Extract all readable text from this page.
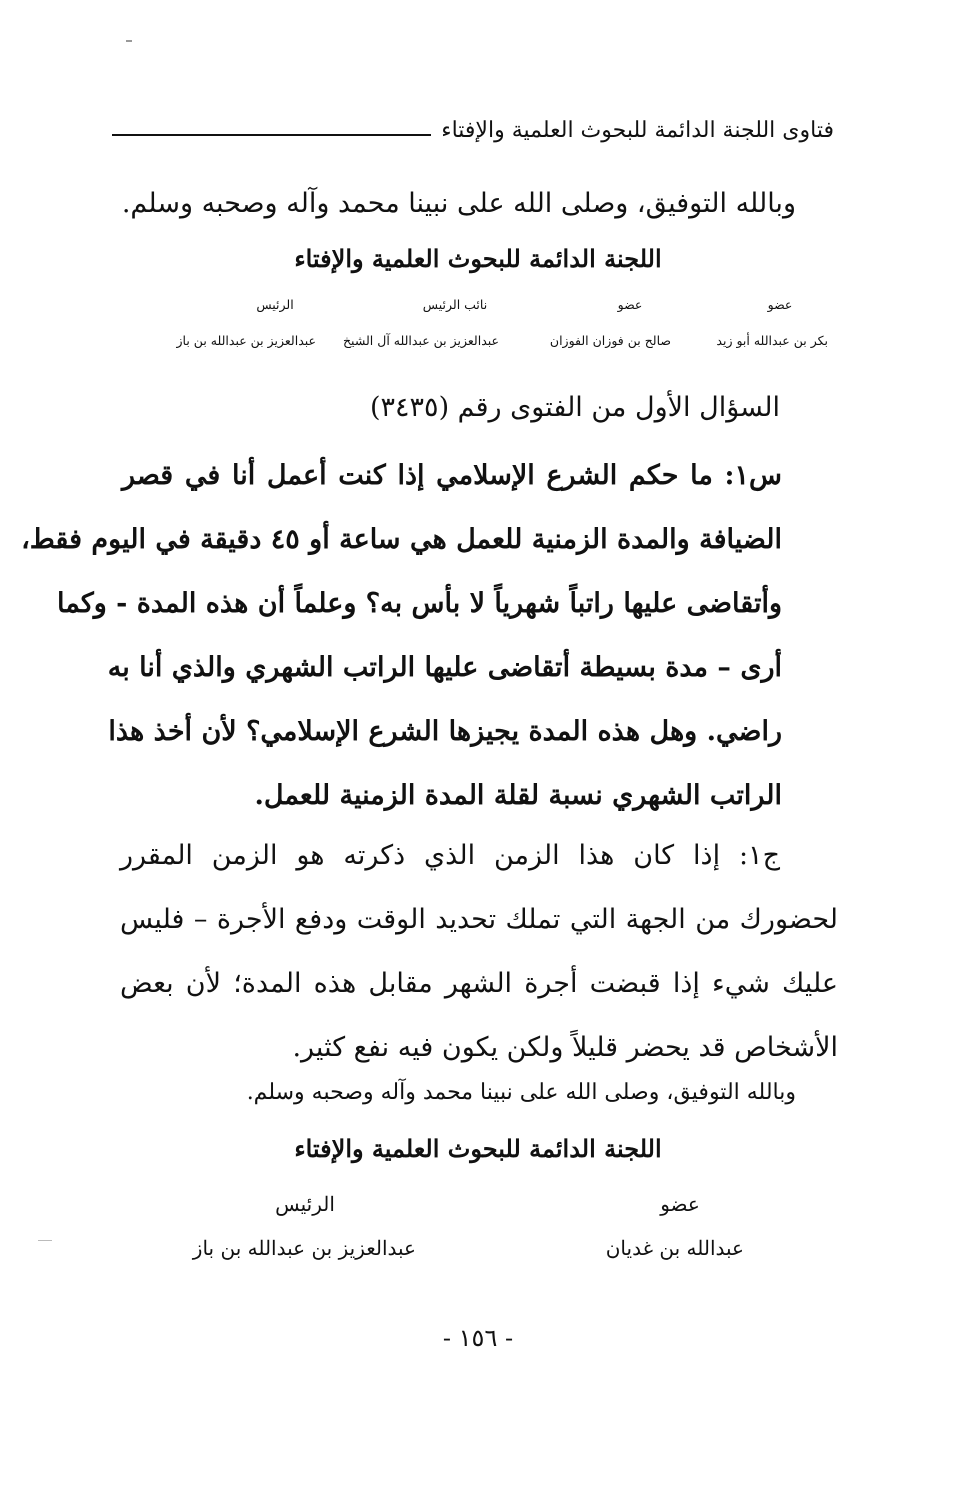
فتاوى اللجنة الدائمة للبحوث العلمية والإفتاء
وبالله التوفيق، وصلى الله على نبينا محمد وآله وصحبه وسلم.
اللجنة الدائمة للبحوث العلمية والإفتاء
عضو
عضو
نائب الرئيس
الرئيس
بكر بن عبدالله أبو زيد
صالح بن فوزان الفوزان
عبدالعزيز بن عبدالله آل الشيخ
عبدالعزيز بن عبدالله بن باز
السؤال الأول من الفتوى رقم (٣٤٣٥)
س١: ما حكم الشرع الإسلامي إذا كنت أعمل أنا في قصر
الضيافة والمدة الزمنية للعمل هي ساعة أو ٤٥ دقيقة في اليوم فقط،
وأتقاضى عليها راتباً شهرياً لا بأس به؟ وعلماً أن هذه المدة - وكما
أرى – مدة بسيطة أتقاضى عليها الراتب الشهري والذي أنا به
راضي. وهل هذه المدة يجيزها الشرع الإسلامي؟ لأن أخذ هذا
الراتب الشهري نسبة لقلة المدة الزمنية للعمل.
ج١: إذا كان هذا الزمن الذي ذكرته هو الزمن المقرر
لحضورك من الجهة التي تملك تحديد الوقت ودفع الأجرة – فليس
عليك شيء إذا قبضت أجرة الشهر مقابل هذه المدة؛ لأن بعض
الأشخاص قد يحضر قليلاً ولكن يكون فيه نفع كثير.
وبالله التوفيق، وصلى الله على نبينا محمد وآله وصحبه وسلم.
اللجنة الدائمة للبحوث العلمية والإفتاء
عضو
الرئيس
عبدالله بن غديان
عبدالعزيز بن عبدالله بن باز
- ١٥٦ -
